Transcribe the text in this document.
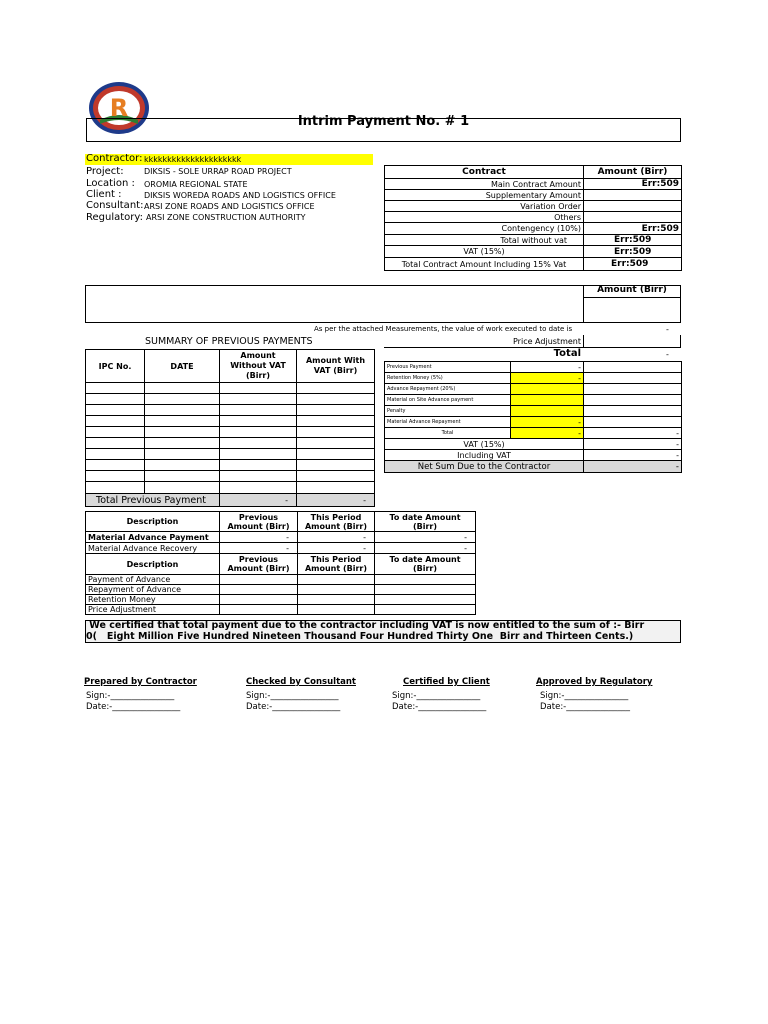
R	Intrim Payment No. # 1
Contractor: kkkkkkkkkkkkkkkkkkkkk
Project:	DIKSIS - SOLE URRAP ROAD PROJECT
Location : OROMIA REGIONAL STATE
Client :	DIKSIS WOREDA ROADS AND LOGISTICS OFFICE
Consultant: ARSI ZONE ROADS AND LOGISTICS OFFICE
Regulatory: ARSI ZONE CONSTRUCTION AUTHORITY
Contract	Amount (Birr)
Main Contract Amount	Err:509
Supplementary Amount	
Variation Order	
Others	
Contengency (10%)	Err:509
Total without vat	Err:509
VAT (15%)	Err:509
Total Contract Amount Including 15% Vat	Err:509
Amount (Birr)
As per the attached Measurements, the value of work executed to date is	-
Price Adjustment
Total	-
SUMMARY OF PREVIOUS PAYMENTS
IPC No.	DATE	Amount Without VAT (Birr)	Amount With VAT (Birr)

Total Previous Payment		-	-
Previous Payment	-	
Retention Money (5%)	-	
Advance Repayment (20%)		
Material on Site Advance payment		
Penalty		
Material Advance Repayment	-	
Total	-	-
VAT (15%)		-
Including VAT		-
Net Sum Due to the Contractor		-
Description	Previous Amount (Birr)	This Period Amount (Birr)	To date Amount (Birr)
Material Advance Payment	-	-	-
Material Advance Recovery	-	-	-
Description	Previous Amount (Birr)	This Period Amount (Birr)	To date Amount (Birr)
Payment of Advance			
Repayment of Advance			
Retention Money			
Price Adjustment			
We certified that total payment due to the contractor including VAT is now entitled to the sum of :- Birr
0(   Eight Million Five Hundred Nineteen Thousand Four Hundred Thirty One  Birr and Thirteen Cents.)
Prepared by Contractor
Sign:-_______________
Date:-________________
Checked by Consultant
Sign:-________________
Date:-________________
Certified by Client
Sign:-_______________
Date:-________________
Approved by Regulatory
Sign:-_______________
Date:-_______________
